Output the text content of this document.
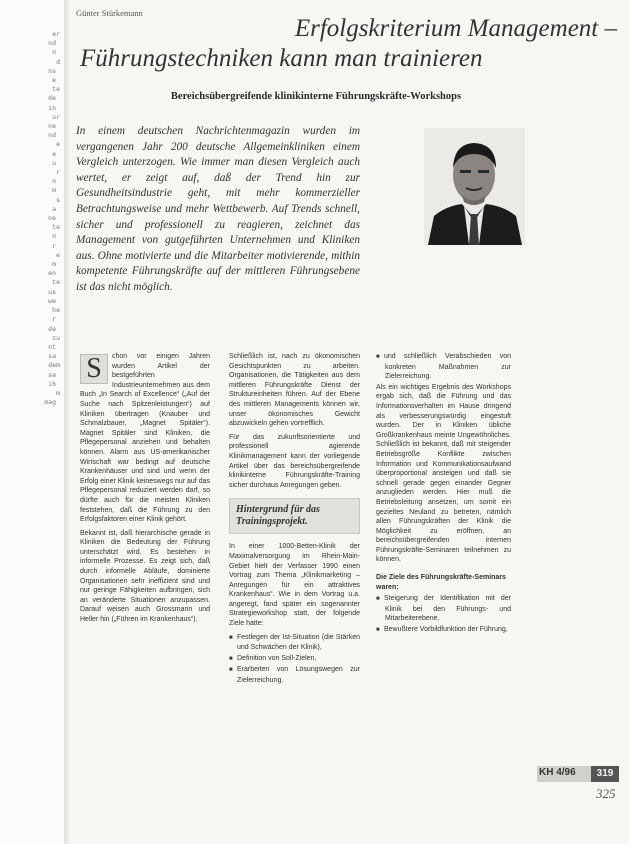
er
nd
n
d
ns
e
te
de
in
ur
ne
nd
e
e
u
r
n
m
s
a
ne
te
n
r
e
m
en
te
us
we
he
r
de
zu
nt
sa
dem
se
ih
m
mag
Günter Stürkemann
Erfolgskriterium Management –
Führungstechniken kann man trainieren
Bereichsübergreifende klinikinterne Führungskräfte-Workshops
In einem deutschen Nachrichtenmagazin wurden im vergangenen Jahr 200 deutsche Allgemeinkliniken einem Vergleich unterzogen. Wie immer man diesen Vergleich auch wertet, er zeigt auf, daß der Trend hin zur Gesundheitsindustrie geht, mit mehr kommerzieller Betrachtungsweise und mehr Wettbewerb. Auf Trends schnell, sicher und professionell zu reagieren, zeichnet das Management von gutgeführten Unternehmen und Kliniken aus. Ohne motivierte und die Mitarbeiter motivierende, mithin kompetente Führungskräfte auf der mittleren Führungsebene ist das nicht möglich.
S	chon vor einigen Jahren wurden Artikel der bestgeführten Industrieunternehmen aus dem Buch „In Search of Excellence“ („Auf der Suche nach Spitzenleistungen“) auf Kliniken übertragen (Knauber und Schmalzbauer, „Magnet Spitäler“). Magnet Spitäler sind Kliniken, die Pflegepersonal anziehen und behalten können. Alarm aus US-amerikanischer Wirtschaft war bedingt auf deutsche Krankenhäuser und sind und wenn der Erfolg einer Klinik keineswegs nur auf das Pflegepersonal reduziert werden darf, so dürfte auch für die meisten Kliniken feststehen, daß die Führung zu den Erfolgsfaktoren einer Klinik gehört.
Bekannt ist, daß hierarchische gerade in Kliniken die Bedeutung der Führung unterschätzt wird. Es bestehen in informelle Prozesse. Es zeigt sich, daß durch informelle Abläufe, dominierte Organisationen sehr ineffizient sind und nur geringe Fähigkeiten aufbringen, sich an veränderte Situationen anzupassen. Darauf weisen auch Grossmann und Heller hin („Führen im Krankenhaus“).
Schließlich ist, nach zu ökonomischen Gesichtspunkten zu arbeiten. Organisationen, die Tätigkeiten aus dem mittleren Führungskräfte Dienst der Struktureinheiten führen. Auf der Ebene des mittleren Managements können wir, unser ökonomisches Gewicht abzuwickeln gehen vortrefflich.
Für das zukunftsorientierte und professionell agierende Klinikmanagement kann der vorliegende Artikel über das bereichsübergreifende klinikinterne Führungskräfte-Training sicher durchaus Anregungen geben.
Hintergrund für das Trainingsprojekt.
In einer 1000-Betten-Klinik der Maximalversorgung im Rhein-Main-Gebiet hielt der Verfasser 1990 einen Vortrag zum Thema „Klinikmarketing – Anregungen für ein attraktives Krankenhaus“. Wie in dem Vortrag u.a. angeregt, fand später ein sogenannter Strategieworkshop statt, der folgende Ziele hatte:
■ Festlegen der Ist-Situation (die Stärken und Schwächen der Klinik),
■ Definition von Soll-Zielen,
■ Erarbeiten von Lösungswegen zur Zielerreichung.
■ und schließlich Verabschieden von konkreten Maßnahmen zur Zielerreichung.
Als ein wichtiges Ergebnis des Workshops ergab sich, daß die Führung und das Informationsverhalten im Hause dringend als verbesserungswürdig eingestuft wurden. Der in Kliniken übliche Großkrankenhaus meinte Ungewöhnliches. Schließlich ist bekannt, daß mit steigender Betriebsgröße Konflikte zwischen Information und Kommunikationsaufwand überproportional ansteigen und daß sie schnell gerade gegen einander Gegner anzuglieden werden. Hier muß die Betriebsleitung ansetzen, um somit ein gezieltes Neuland zu betreten, nämlich allen Führungskräften der Klinik die Möglichkeit zu eröffnen, an bereichsübergreifenden internen Führungskräfte-Seminaren teilnehmen zu können.
Die Ziele des Führungskräfte-Seminars waren:
■ Steigerung der Identifikation mit der Klinik bei den Führungs- und Mitarbeiterebene,
■ Bewußtere Vorbildfunktion der Führung,
KH 4/96	319
325
